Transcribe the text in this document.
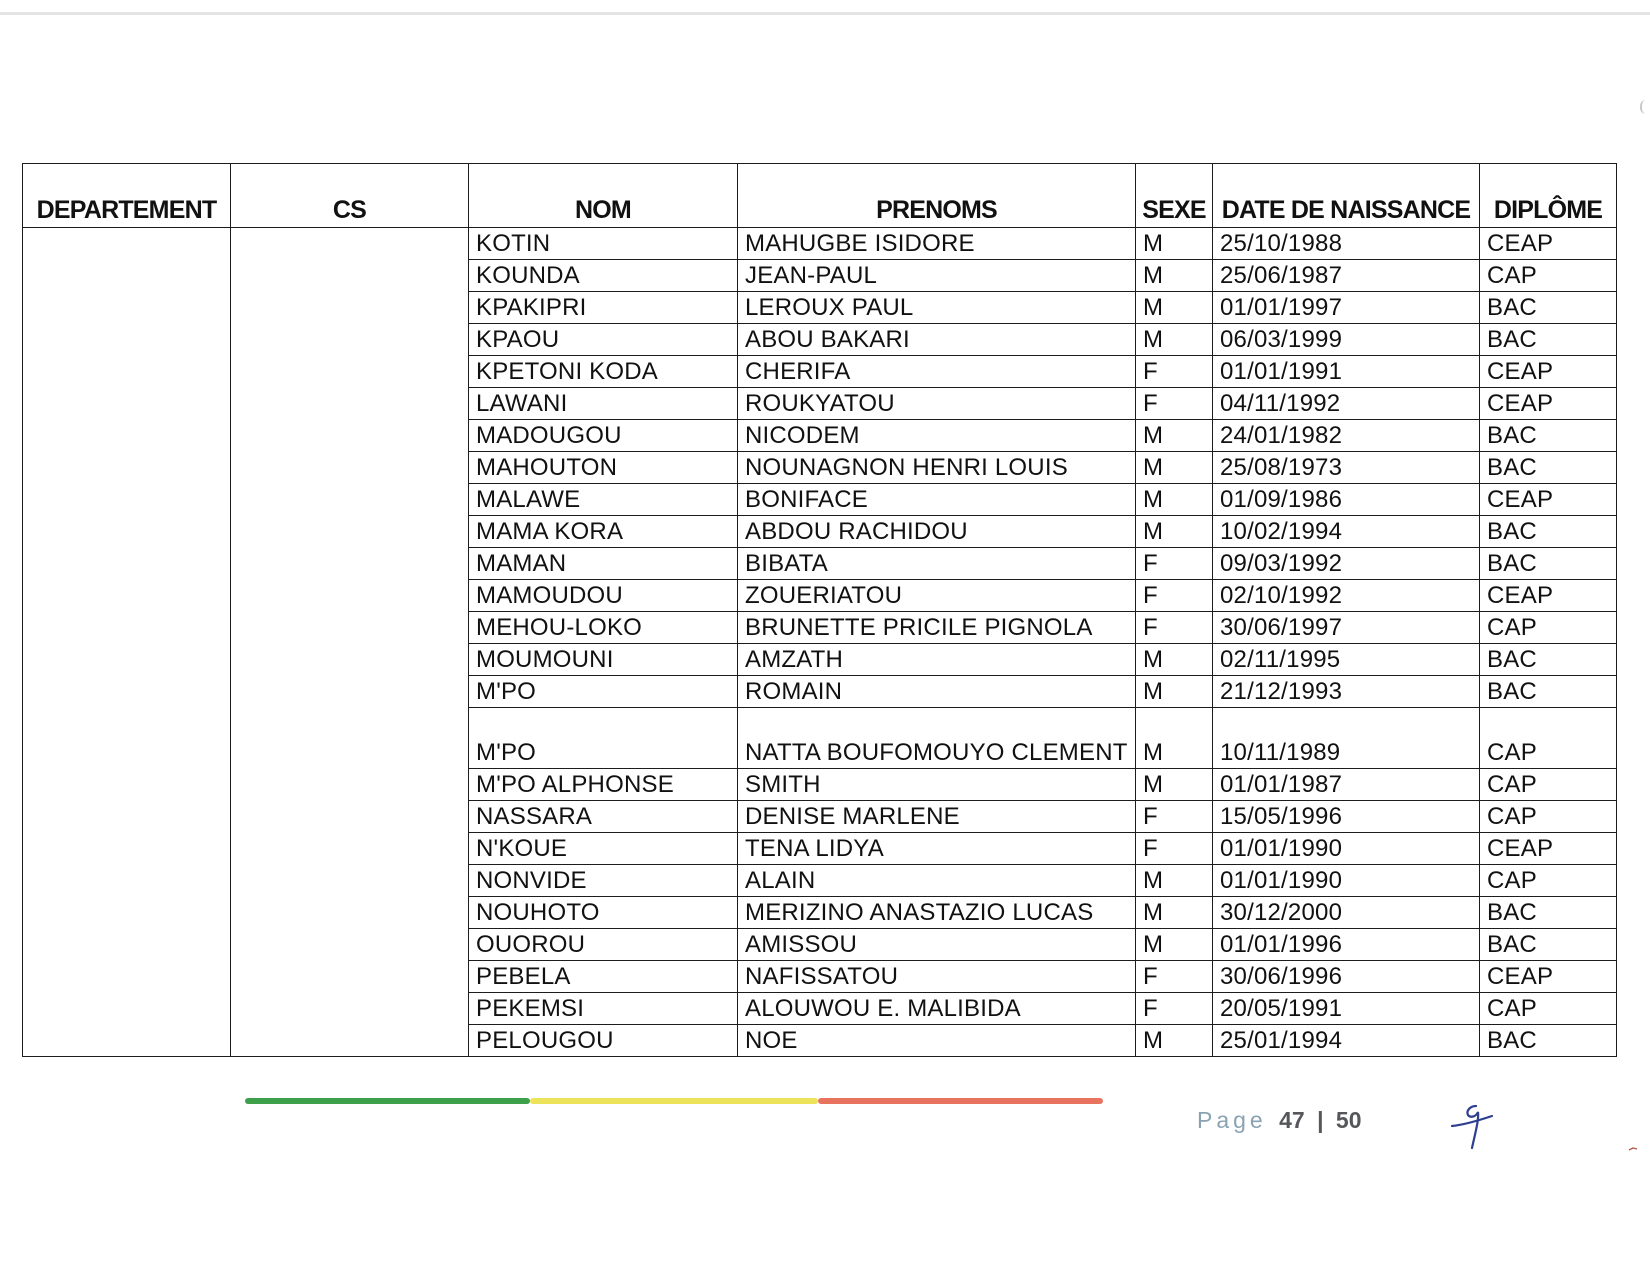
DEPARTEMENT	CS	NOM	PRENOMS	SEXE	DATE DE NAISSANCE	DIPLÔME
		KOTIN	MAHUGBE ISIDORE	M	25/10/1988	CEAP
		KOUNDA	JEAN-PAUL	M	25/06/1987	CAP
		KPAKIPRI	LEROUX PAUL	M	01/01/1997	BAC
		KPAOU	ABOU BAKARI	M	06/03/1999	BAC
		KPETONI KODA	CHERIFA	F	01/01/1991	CEAP
		LAWANI	ROUKYATOU	F	04/11/1992	CEAP
		MADOUGOU	NICODEM	M	24/01/1982	BAC
		MAHOUTON	NOUNAGNON HENRI LOUIS	M	25/08/1973	BAC
		MALAWE	BONIFACE	M	01/09/1986	CEAP
		MAMA KORA	ABDOU RACHIDOU	M	10/02/1994	BAC
		MAMAN	BIBATA	F	09/03/1992	BAC
		MAMOUDOU	ZOUERIATOU	F	02/10/1992	CEAP
		MEHOU-LOKO	BRUNETTE PRICILE PIGNOLA	F	30/06/1997	CAP
		MOUMOUNI	AMZATH	M	02/11/1995	BAC
		M'PO	ROMAIN	M	21/12/1993	BAC
		M'PO	NATTA BOUFOMOUYO CLEMENT	M	10/11/1989	CAP
		M'PO ALPHONSE	SMITH	M	01/01/1987	CAP
		NASSARA	DENISE MARLENE	F	15/05/1996	CAP
		N'KOUE	TENA LIDYA	F	01/01/1990	CEAP
		NONVIDE	ALAIN	M	01/01/1990	CAP
		NOUHOTO	MERIZINO ANASTAZIO LUCAS	M	30/12/2000	BAC
		OUOROU	AMISSOU	M	01/01/1996	BAC
		PEBELA	NAFISSATOU	F	30/06/1996	CEAP
		PEKEMSI	ALOUWOU E. MALIBIDA	F	20/05/1991	CAP
		PELOUGOU	NOE	M	25/01/1994	BAC
Page 47 | 50
